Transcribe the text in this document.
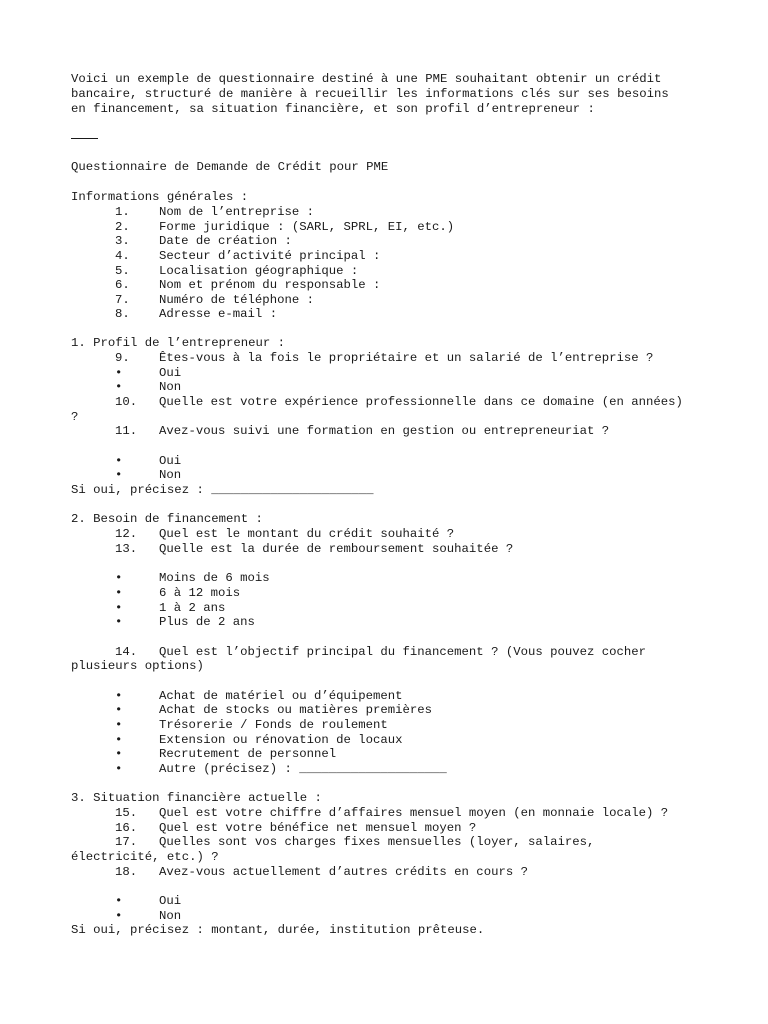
Voici un exemple de questionnaire destiné à une PME souhaitant obtenir un crédit
bancaire, structuré de manière à recueillir les informations clés sur ses besoins
en financement, sa situation financière, et son profil d’entrepreneur :
Questionnaire de Demande de Crédit pour PME
Informations générales :
1. Nom de l’entreprise :
2. Forme juridique : (SARL, SPRL, EI, etc.)
3. Date de création :
4. Secteur d’activité principal :
5. Localisation géographique :
6. Nom et prénom du responsable :
7. Numéro de téléphone :
8. Adresse e-mail :
1. Profil de l’entrepreneur :
9. Êtes-vous à la fois le propriétaire et un salarié de l’entreprise ?
•	Oui
•	Non
10. Quelle est votre expérience professionnelle dans ce domaine (en années)
?
11. Avez-vous suivi une formation en gestion ou entrepreneuriat ?
•	Oui
•	Non
Si oui, précisez : ______________________
2. Besoin de financement :
12. Quel est le montant du crédit souhaité ?
13. Quelle est la durée de remboursement souhaitée ?
•	Moins de 6 mois
•	6 à 12 mois
•	1 à 2 ans
•	Plus de 2 ans
14. Quel est l’objectif principal du financement ? (Vous pouvez cocher
plusieurs options)
•	Achat de matériel ou d’équipement
•	Achat de stocks ou matières premières
•	Trésorerie / Fonds de roulement
•	Extension ou rénovation de locaux
•	Recrutement de personnel
•	Autre (précisez) : ____________________
3. Situation financière actuelle :
15. Quel est votre chiffre d’affaires mensuel moyen (en monnaie locale) ?
16. Quel est votre bénéfice net mensuel moyen ?
17. Quelles sont vos charges fixes mensuelles (loyer, salaires,
électricité, etc.) ?
18. Avez-vous actuellement d’autres crédits en cours ?
•	Oui
•	Non
Si oui, précisez : montant, durée, institution prêteuse.
